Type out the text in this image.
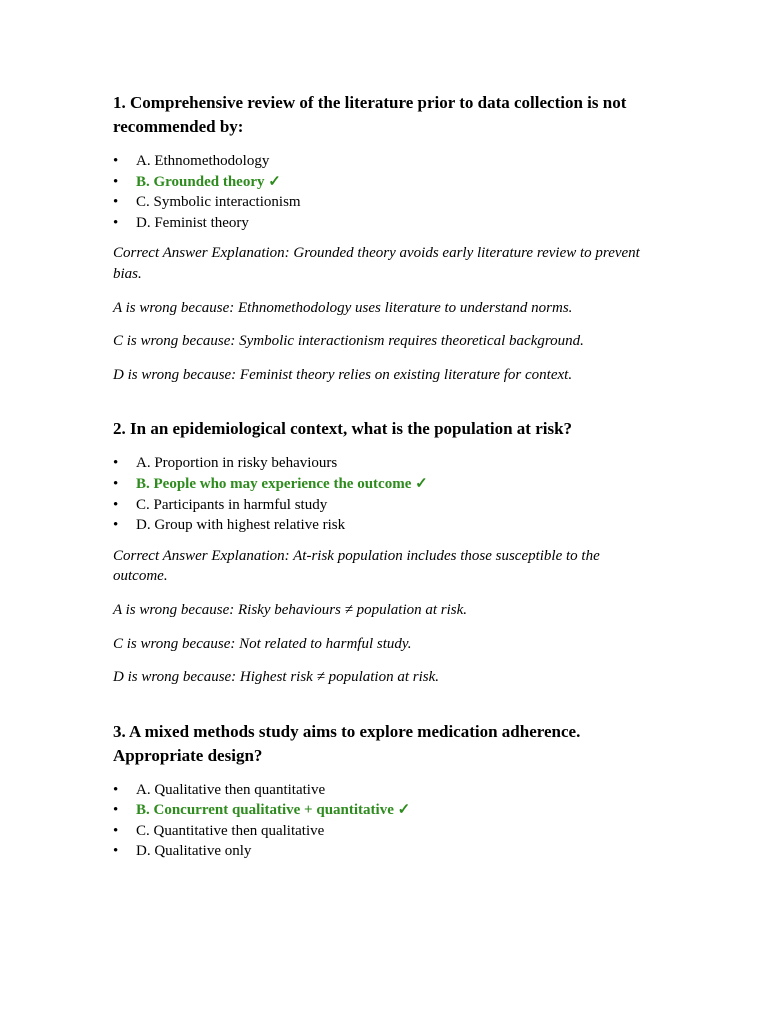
1. Comprehensive review of the literature prior to data collection is not recommended by:
• A. Ethnomethodology
• B. Grounded theory ✓
• C. Symbolic interactionism
• D. Feminist theory

Correct Answer Explanation: Grounded theory avoids early literature review to prevent bias.

A is wrong because: Ethnomethodology uses literature to understand norms.

C is wrong because: Symbolic interactionism requires theoretical background.

D is wrong because: Feminist theory relies on existing literature for context.

2. In an epidemiological context, what is the population at risk?
• A. Proportion in risky behaviours
• B. People who may experience the outcome ✓
• C. Participants in harmful study
• D. Group with highest relative risk

Correct Answer Explanation: At-risk population includes those susceptible to the outcome.

A is wrong because: Risky behaviours ≠ population at risk.

C is wrong because: Not related to harmful study.

D is wrong because: Highest risk ≠ population at risk.

3. A mixed methods study aims to explore medication adherence. Appropriate design?
• A. Qualitative then quantitative
• B. Concurrent qualitative + quantitative ✓
• C. Quantitative then qualitative
• D. Qualitative only
